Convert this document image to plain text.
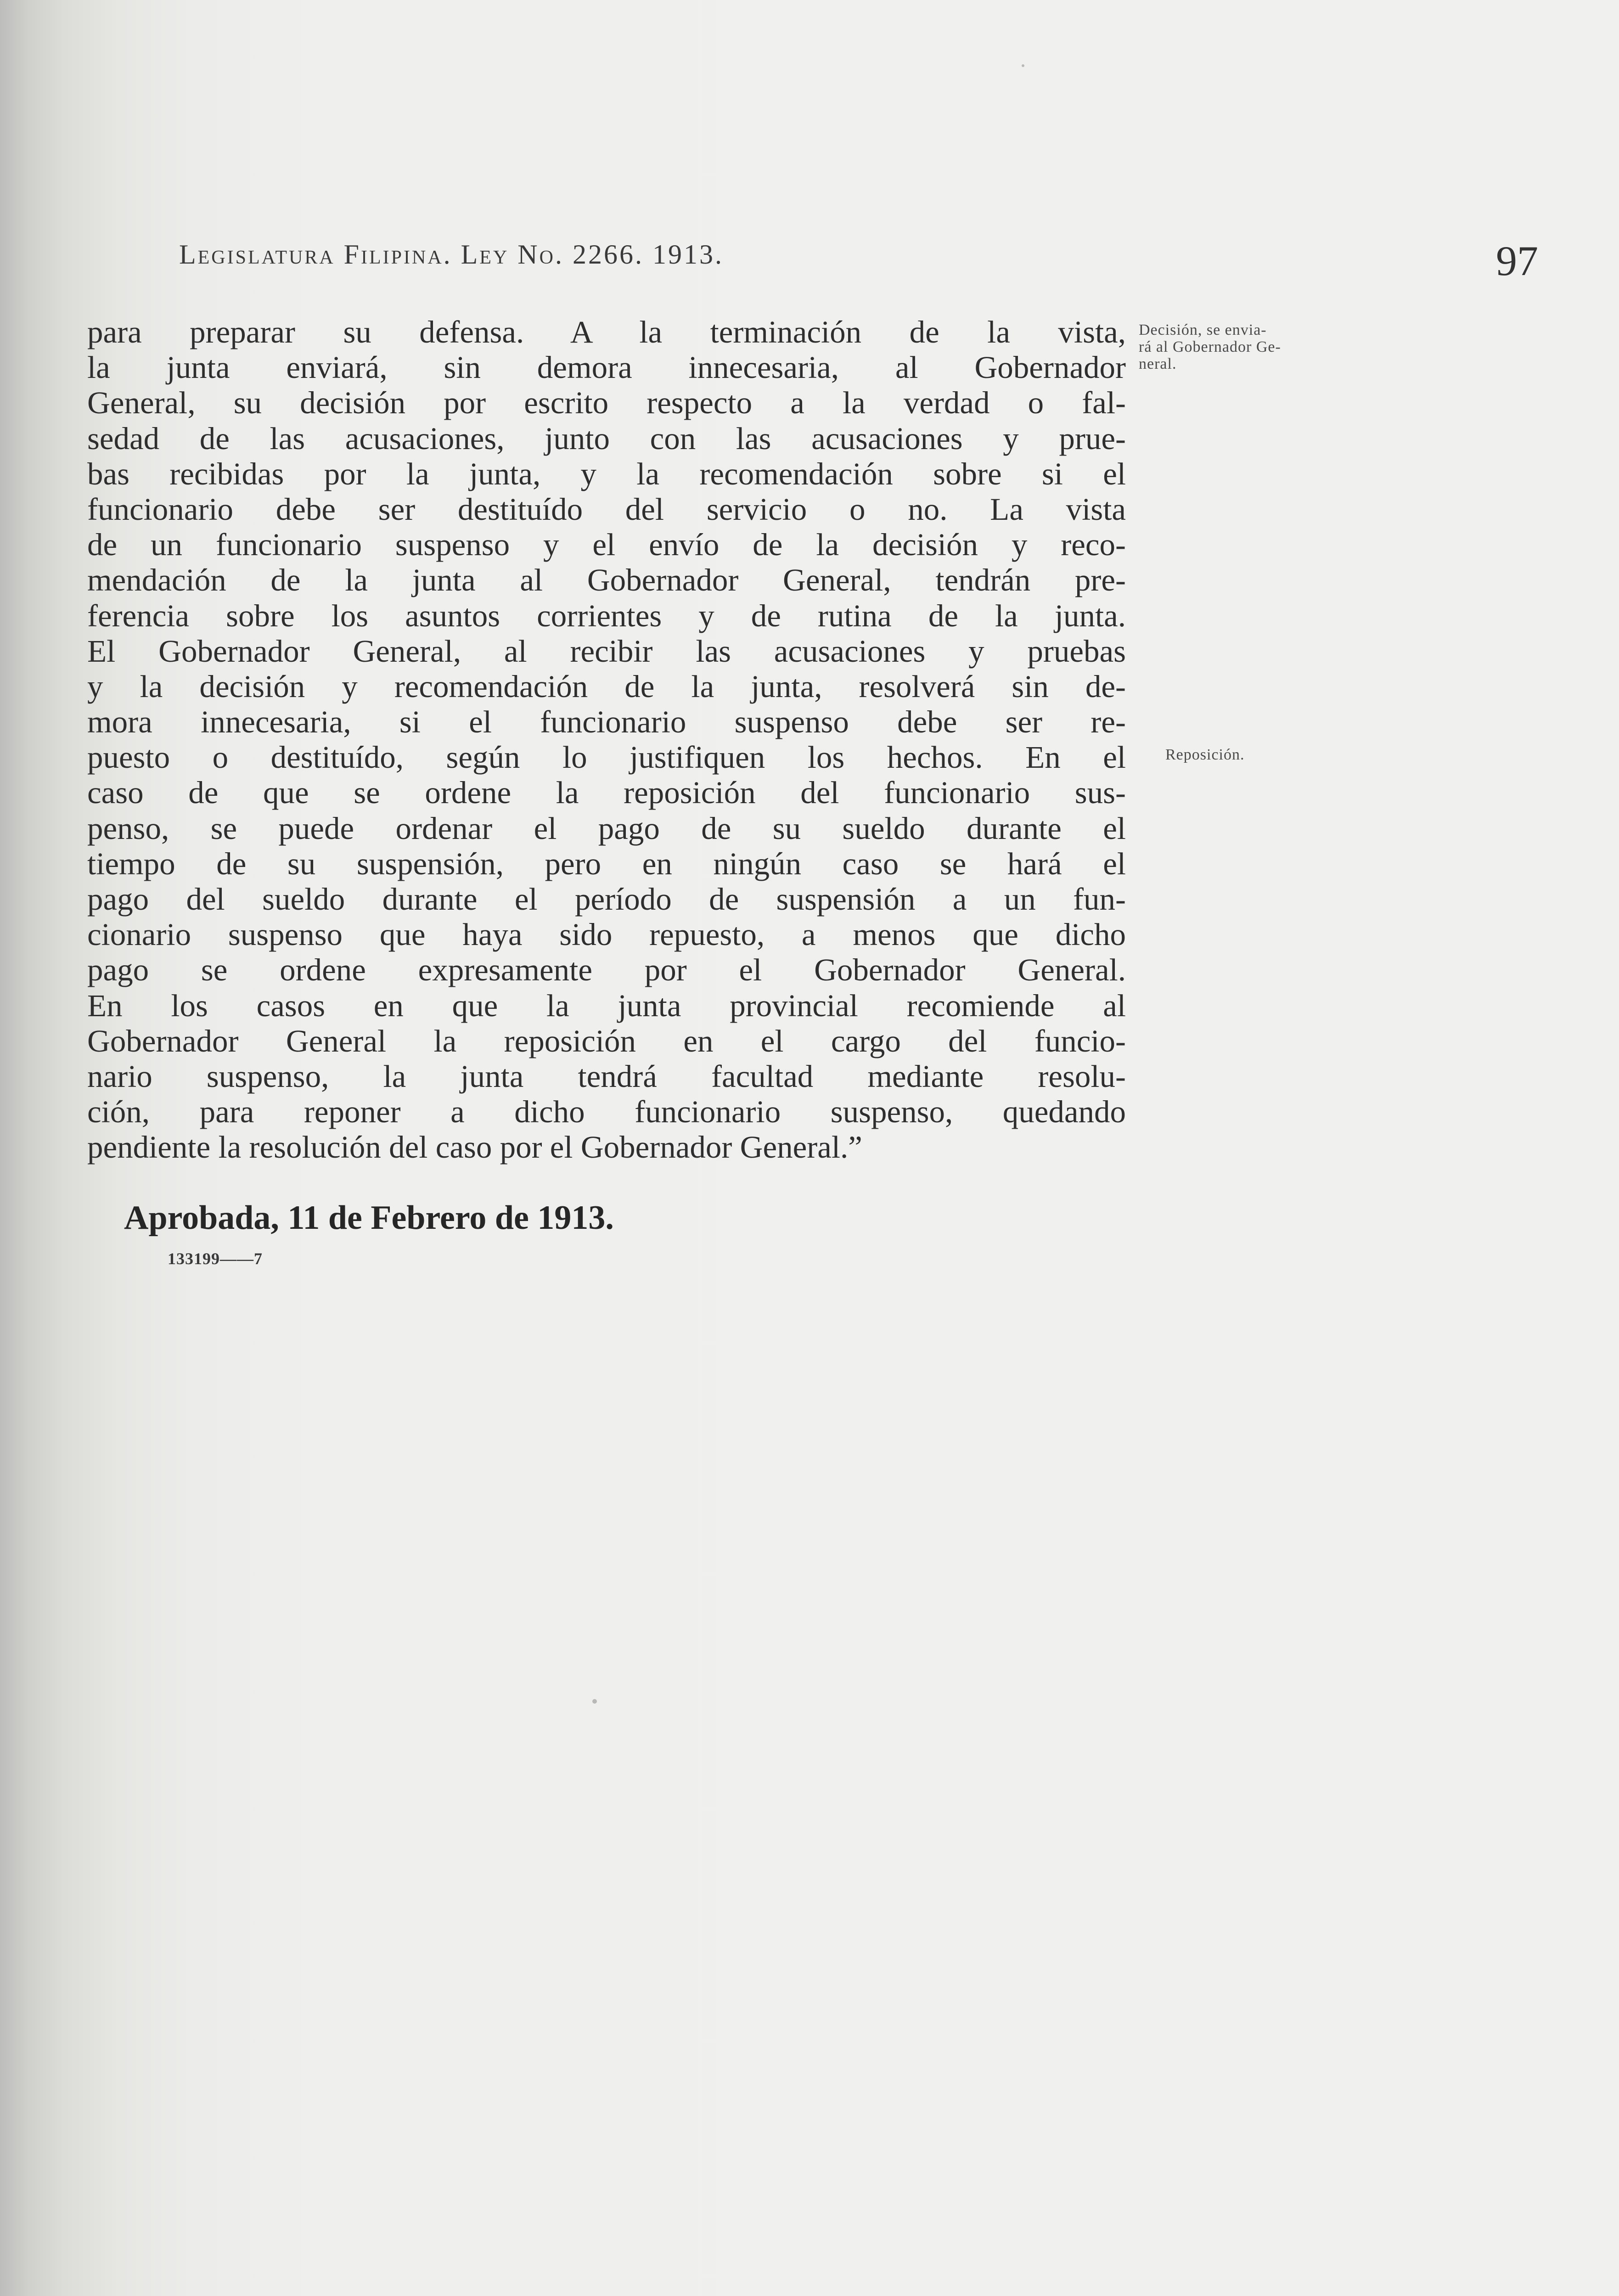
Legislatura Filipina. Ley No. 2266. 1913.	97
para preparar su defensa. A la terminación de la vista,
la junta enviará, sin demora innecesaria, al Gobernador
General, su decisión por escrito respecto a la verdad o fal-
sedad de las acusaciones, junto con las acusaciones y prue-
bas recibidas por la junta, y la recomendación sobre si el
funcionario debe ser destituído del servicio o no. La vista
de un funcionario suspenso y el envío de la decisión y reco-
mendación de la junta al Gobernador General, tendrán pre-
ferencia sobre los asuntos corrientes y de rutina de la junta.
El Gobernador General, al recibir las acusaciones y pruebas
y la decisión y recomendación de la junta, resolverá sin de-
mora innecesaria, si el funcionario suspenso debe ser re-
puesto o destituído, según lo justifiquen los hechos. En el
caso de que se ordene la reposición del funcionario sus-
penso, se puede ordenar el pago de su sueldo durante el
tiempo de su suspensión, pero en ningún caso se hará el
pago del sueldo durante el período de suspensión a un fun-
cionario suspenso que haya sido repuesto, a menos que dicho
pago se ordene expresamente por el Gobernador General.
En los casos en que la junta provincial recomiende al
Gobernador General la reposición en el cargo del funcio-
nario suspenso, la junta tendrá facultad mediante resolu-
ción, para reponer a dicho funcionario suspenso, quedando
pendiente la resolución del caso por el Gobernador General.”
Aprobada, 11 de Febrero de 1913.
133199——7
Decisión, se envia-
rá al Gobernador Ge-
neral.
Reposición.
